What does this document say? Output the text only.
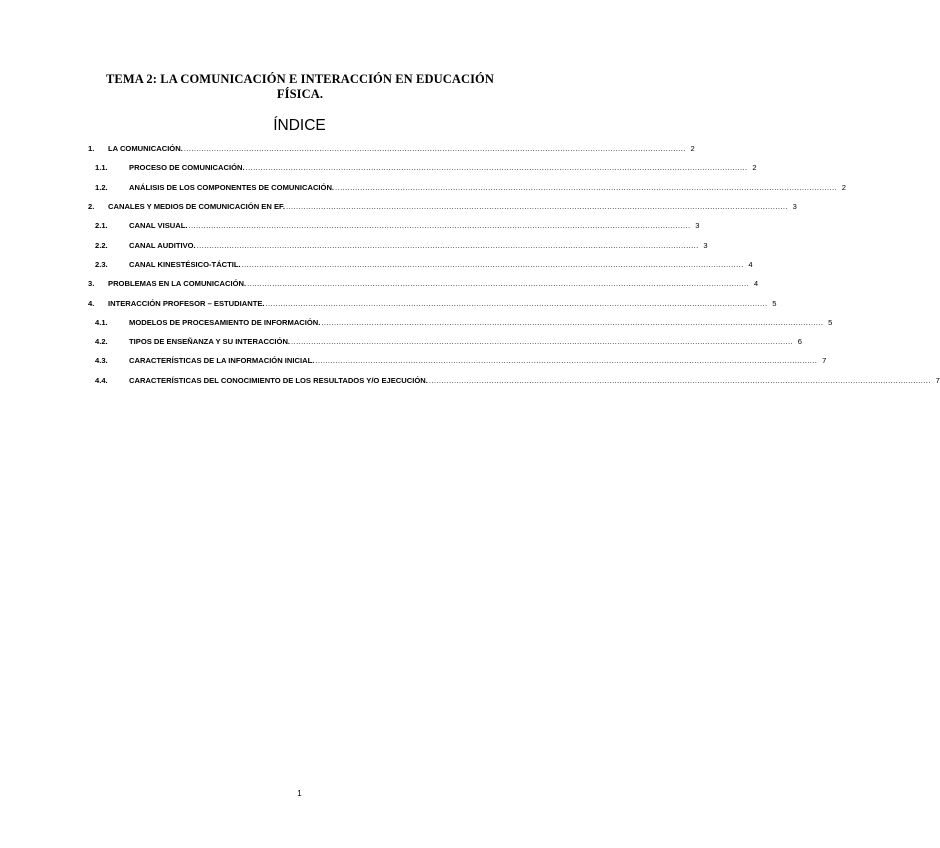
TEMA 2: LA COMUNICACIÓN E INTERACCIÓN EN EDUCACIÓN FÍSICA.
ÍNDICE
1.	LA COMUNICACIÓN. ........................................................................................................................................................................................................ 2
1.1.	PROCESO DE COMUNICACIÓN. ........................................................................................................................................................................................................ 2
1.2.	ANÁLISIS DE LOS COMPONENTES DE COMUNICACIÓN. ........................................................................................................................................................................................................ 2
2.	CANALES Y MEDIOS DE COMUNICACIÓN EN EF. ........................................................................................................................................................................................................ 3
2.1.	CANAL VISUAL. ........................................................................................................................................................................................................ 3
2.2.	CANAL AUDITIVO. ........................................................................................................................................................................................................ 3
2.3.	CANAL KINESTÉSICO-TÁCTIL. ........................................................................................................................................................................................................ 4
3.	PROBLEMAS EN LA COMUNICACIÓN. ........................................................................................................................................................................................................ 4
4.	INTERACCIÓN PROFESOR – ESTUDIANTE. ........................................................................................................................................................................................................ 5
4.1.	MODELOS DE PROCESAMIENTO DE INFORMACIÓN. ........................................................................................................................................................................................................ 5
4.2.	TIPOS DE ENSEÑANZA Y SU INTERACCIÓN. ........................................................................................................................................................................................................ 6
4.3.	CARACTERÍSTICAS DE LA INFORMACIÓN INICIAL. ........................................................................................................................................................................................................ 7
4.4.	CARACTERÍSTICAS DEL CONOCIMIENTO DE LOS RESULTADOS Y/O EJECUCIÓN. ........................................................................................................................................................................................................ 7
1
